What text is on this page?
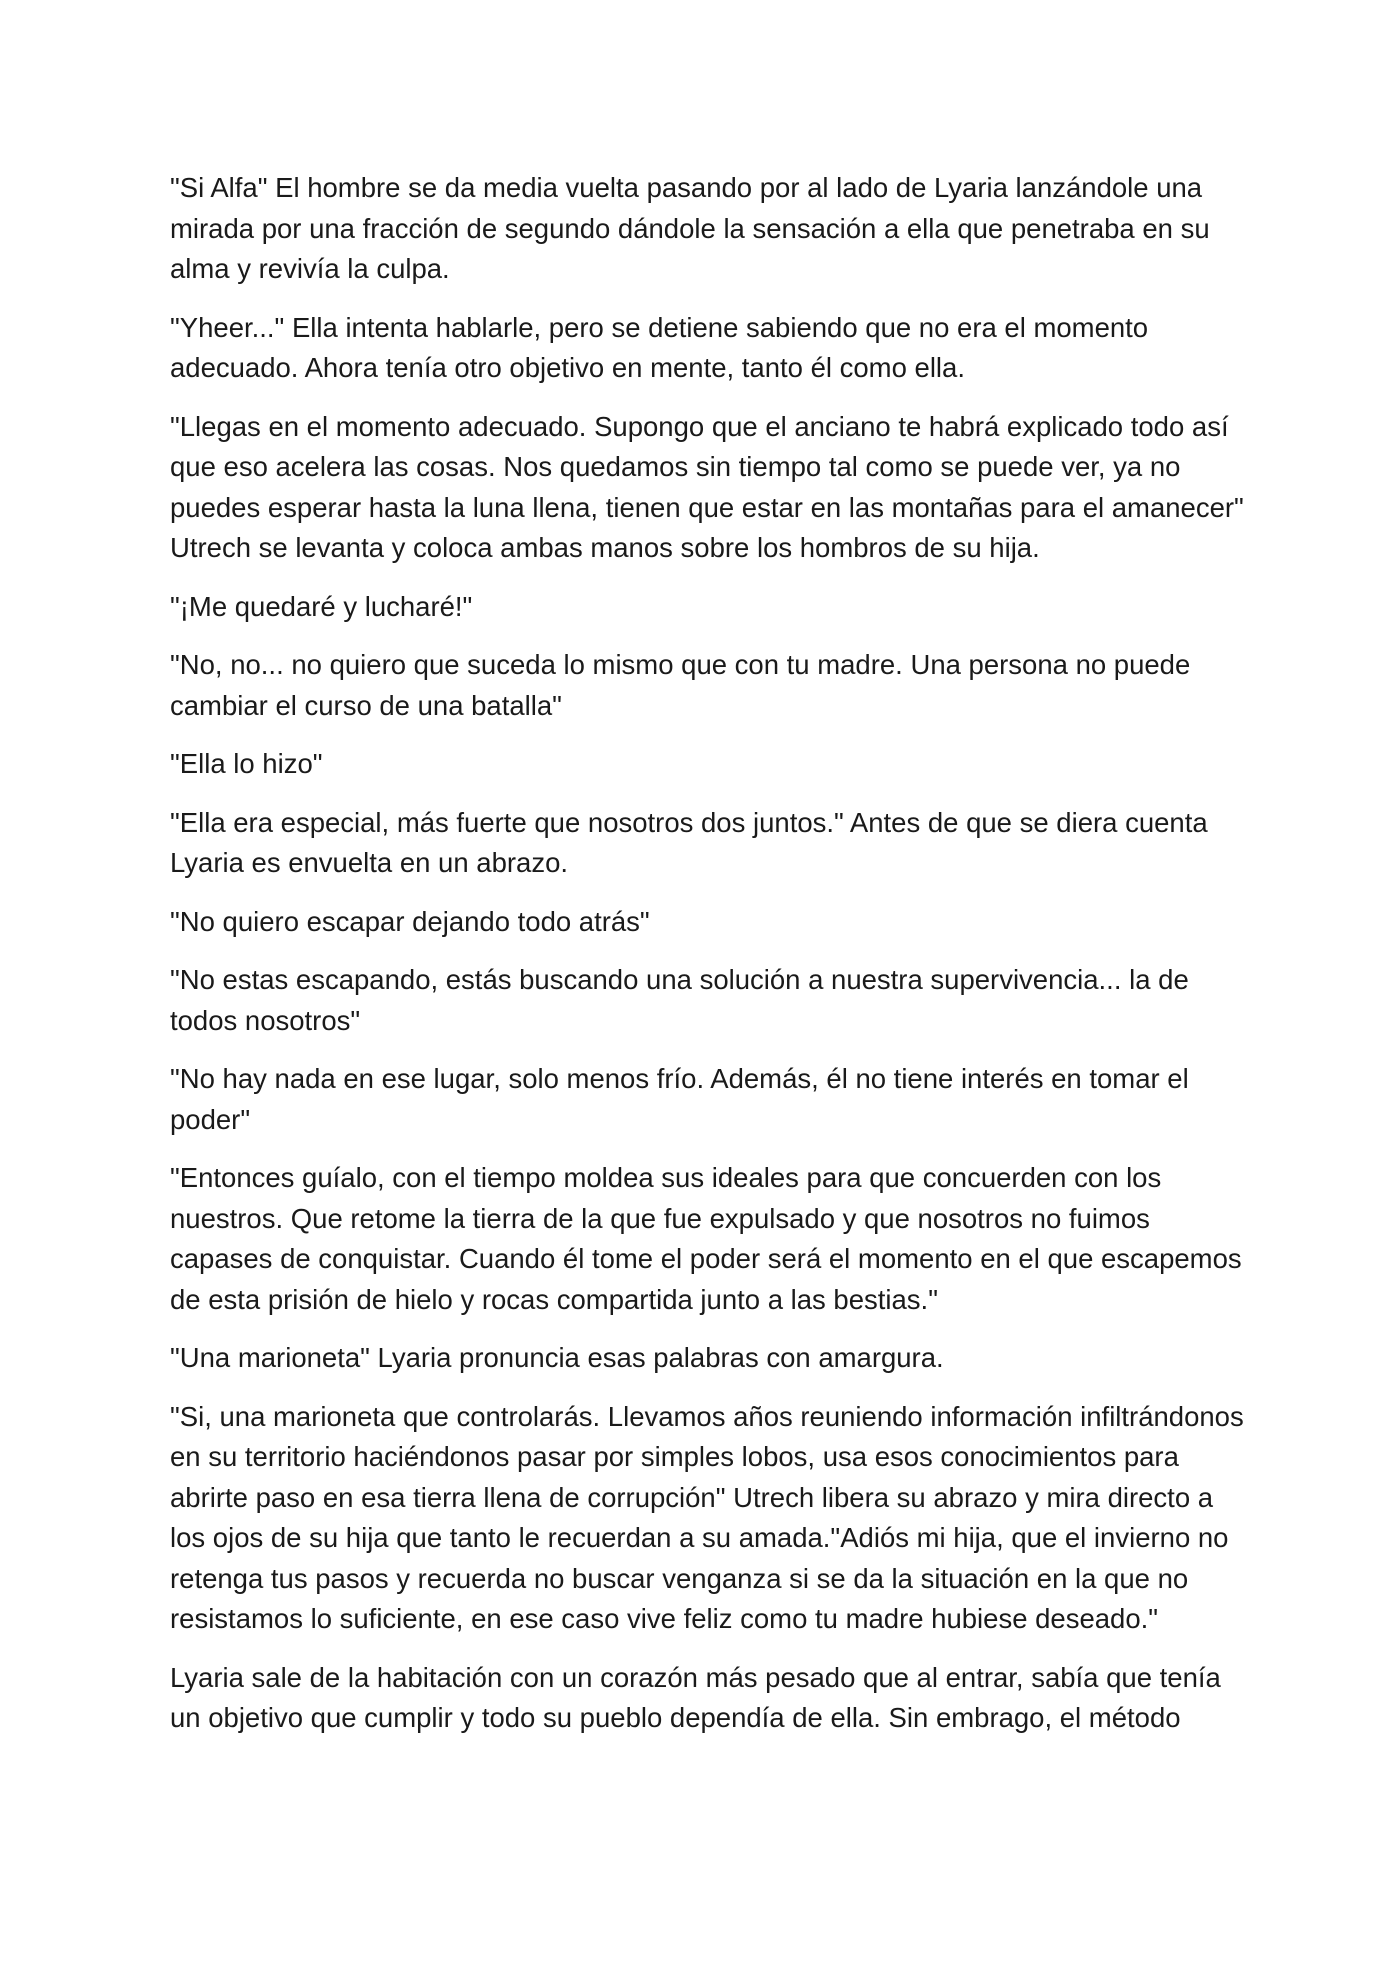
"Si Alfa" El hombre se da media vuelta pasando por al lado de Lyaria lanzándole una mirada por una fracción de segundo dándole la sensación a ella que penetraba en su alma y revivía la culpa.

"Yheer..." Ella intenta hablarle, pero se detiene sabiendo que no era el momento adecuado. Ahora tenía otro objetivo en mente, tanto él como ella.

"Llegas en el momento adecuado. Supongo que el anciano te habrá explicado todo así que eso acelera las cosas. Nos quedamos sin tiempo tal como se puede ver, ya no puedes esperar hasta la luna llena, tienen que estar en las montañas para el amanecer" Utrech se levanta y coloca ambas manos sobre los hombros de su hija.

"¡Me quedaré y lucharé!"

"No, no... no quiero que suceda lo mismo que con tu madre. Una persona no puede cambiar el curso de una batalla"

"Ella lo hizo"

"Ella era especial, más fuerte que nosotros dos juntos." Antes de que se diera cuenta Lyaria es envuelta en un abrazo.

"No quiero escapar dejando todo atrás"

"No estas escapando, estás buscando una solución a nuestra supervivencia... la de todos nosotros"

"No hay nada en ese lugar, solo menos frío. Además, él no tiene interés en tomar el poder"

"Entonces guíalo, con el tiempo moldea sus ideales para que concuerden con los nuestros. Que retome la tierra de la que fue expulsado y que nosotros no fuimos capases de conquistar. Cuando él tome el poder será el momento en el que escapemos de esta prisión de hielo y rocas compartida junto a las bestias."

"Una marioneta" Lyaria pronuncia esas palabras con amargura.

"Si, una marioneta que controlarás. Llevamos años reuniendo información infiltrándonos en su territorio haciéndonos pasar por simples lobos, usa esos conocimientos para abrirte paso en esa tierra llena de corrupción" Utrech libera su abrazo y mira directo a los ojos de su hija que tanto le recuerdan a su amada."Adiós mi hija, que el invierno no retenga tus pasos y recuerda no buscar venganza si se da la situación en la que no resistamos lo suficiente, en ese caso vive feliz como tu madre hubiese deseado."

Lyaria sale de la habitación con un corazón más pesado que al entrar, sabía que tenía un objetivo que cumplir y todo su pueblo dependía de ella. Sin embrago, el método
